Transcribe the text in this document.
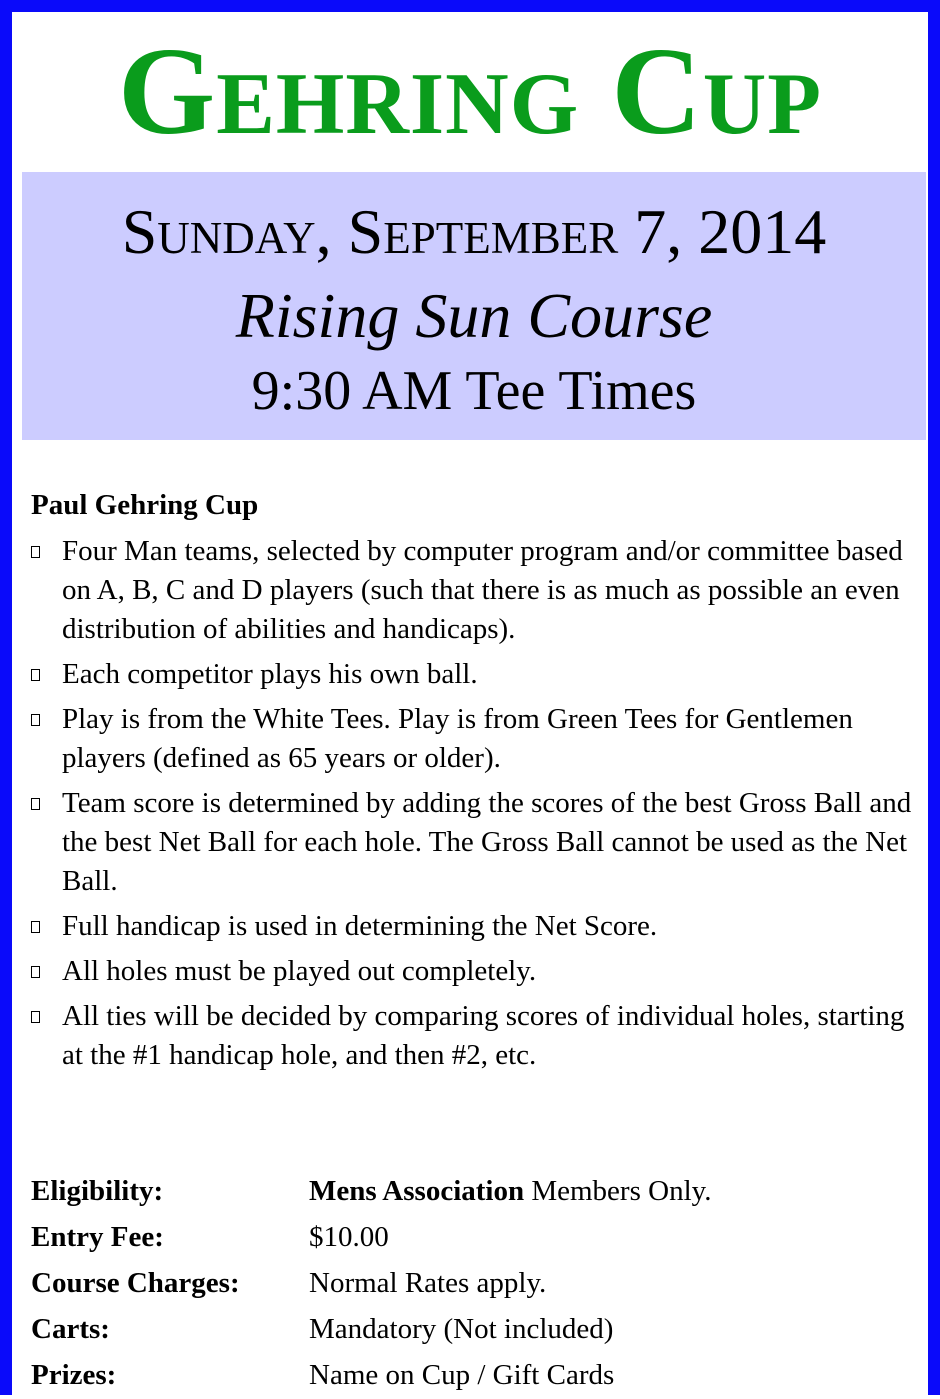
Gehring Cup
Sunday, September 7, 2014
Rising Sun Course
9:30 AM Tee Times
Paul Gehring Cup
Four Man teams, selected by computer program and/or committee based on A, B, C and D players (such that there is as much as possible an even distribution of abilities and handicaps).
Each competitor plays his own ball.
Play is from the White Tees. Play is from Green Tees for Gentlemen players (defined as 65 years or older).
Team score is determined by adding the scores of the best Gross Ball and the best Net Ball for each hole. The Gross Ball cannot be used as the Net Ball.
Full handicap is used in determining the Net Score.
All holes must be played out completely.
All ties will be decided by comparing scores of individual holes, starting at the #1 handicap hole, and then #2, etc.
Eligibility:	Mens Association Members Only.
Entry Fee:	$10.00
Course Charges: Normal Rates apply.
Carts:	Mandatory (Not included)
Prizes:	Name on Cup / Gift Cards
